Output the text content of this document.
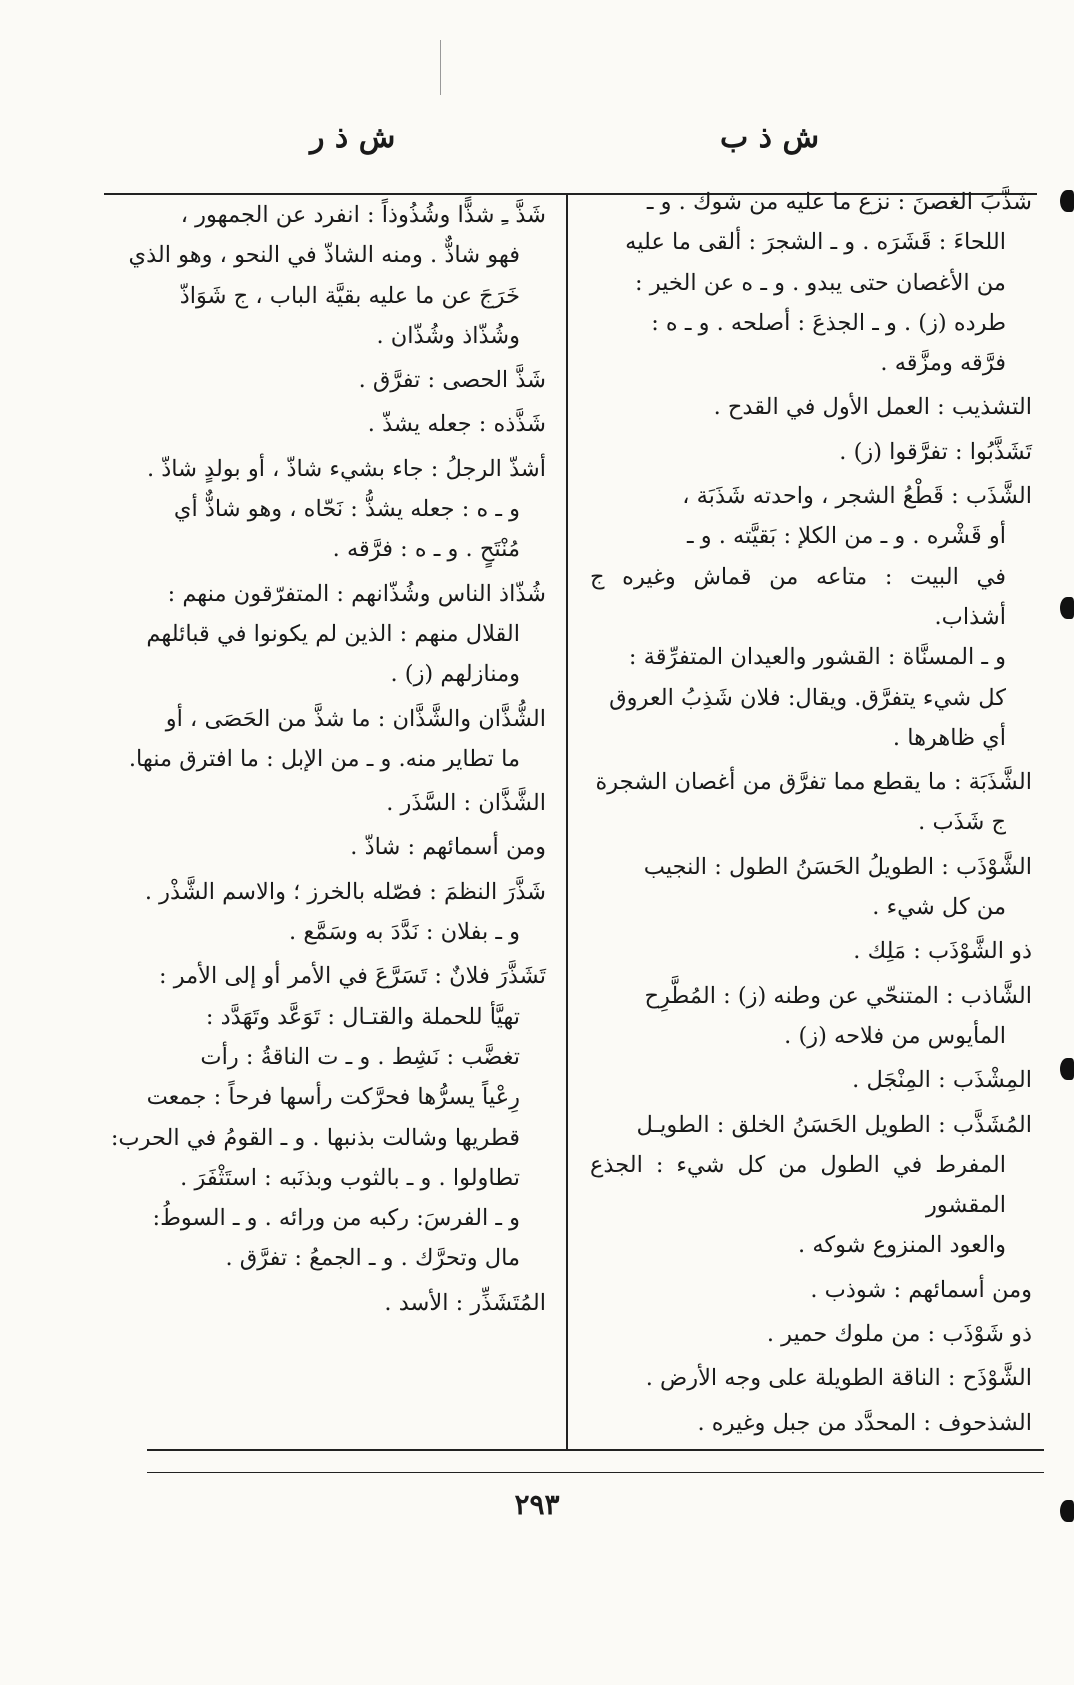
ش ذ ب
ش ذ ر

شَذَّبَ الغصنَ : نزع ما عليه من شوك . و ـ

اللحاءَ : قَشَرَه . و ـ الشجرَ : ألقى ما عليه

من الأغصان حتى يبدو . و ـ ه عن الخير :

طرده (ز) . و ـ الجذعَ : أصلحه . و ـ ه :

فرَّقه ومزَّقه .

التشذيب : العمل الأول في القدح .

تَشَذَّبُوا : تفرَّقوا (ز) .

الشَّذَب : قَطْعُ الشجر ، واحدته شَذَبَة ،

أو قَشْره . و ـ من الكلإ : بَقيَّته . و ـ

في البيت : متاعه من قماش وغيره ج أشذاب.

و ـ المسنَّاة : القشور والعيدان المتفرِّقة :

كل شيء يتفرَّق. ويقال: فلان شَذِبُ العروق

أي ظاهرها .

الشَّذَبَة : ما يقطع مما تفرَّق من أغصان الشجرة

ج شَذَب .

الشَّوْذَب : الطويلُ الحَسَنُ الطول : النجيب

من كل شيء .

ذو الشَّوْذَب : مَلِك .

الشَّاذب : المتنحّي عن وطنه (ز) : المُطَّرِح

المأيوس من فلاحه (ز) .

المِشْذَب : المِنْجَل .

المُشَذَّب : الطويل الحَسَنُ الخلق : الطويـل

المفرط في الطول من كل شيء : الجذع المقشور

والعود المنزوع شوكه .

ومن أسمائهم : شوذب .

ذو شَوْذَب : من ملوك حمير .

الشَّوْذَح : الناقة الطويلة على وجه الأرض .

الشذحوف : المحدَّد من جبل وغيره .

شَذَّ ـِ شذًّا وشُذُوذاً : انفرد عن الجمهور ،

فهو شاذٌّ . ومنه الشاذّ في النحو ، وهو الذي

خَرَجَ عن ما عليه بقيَّة الباب ، ج شَوَاذّ

وشُذّاذ وشُذّان .

شَذَّ الحصى : تفرَّق .

شَذَّذه : جعله يشذّ .

أشذّ الرجلُ : جاء بشيء شاذّ ، أو بولدٍ شاذّ .

و ـ ه : جعله يشذُّ : نَحّاه ، وهو شاذٌّ أي

مُنْتَحٍ . و ـ ه : فرَّقه .

شُذّاذ الناس وشُذّانهم : المتفرّقون منهم :

القلال منهم : الذين لم يكونوا في قبائلهم

ومنازلهم (ز) .

الشُّذَّان والشَّذَّان : ما شذَّ من الحَصَى ، أو

ما تطاير منه. و ـ من الإبل : ما افترق منها.

الشَّذَّان : السَّذَر .

ومن أسمائهم : شاذّ .

شَذَّرَ النظمَ : فصّله بالخرز ؛ والاسم الشَّذْر .

و ـ بفلان : نَدَّدَ به وسَمَّع .

تَشَذَّرَ فلانٌ : تَسَرَّعَ في الأمر أو إلى الأمر :

تهيَّأ للحملة والقتـال : تَوَعَّد وتَهَدَّد :

تغضَّب : نَشِط . و ـ ت الناقةُ : رأت

رِعْياً يسرُّها فحرَّكت رأسها فرحاً : جمعت

قطريها وشالت بذنبها . و ـ القومُ في الحرب:

تطاولوا . و ـ بالثوب وبذنَبه : استَثْفَرَ .

و ـ الفرسَ: ركبه من ورائه . و ـ السوطُ:

مال وتحرَّك . و ـ الجمعُ : تفرَّق .

المُتَشَذِّر : الأسد .

٢٩٣
